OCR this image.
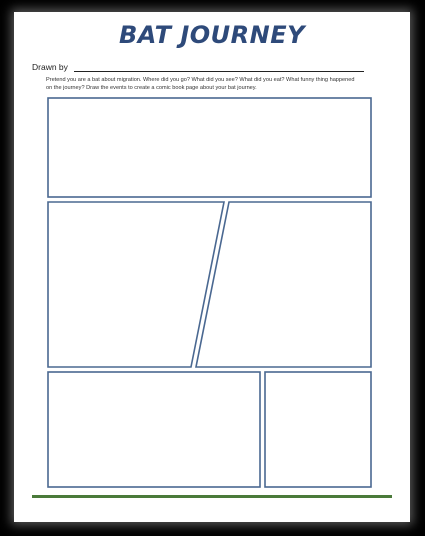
BAT JOURNEY
Drawn by
Pretend you are a bat about migration. Where did you go? What did you see? What did you eat? What funny thing happened on the journey? Draw the events to create a comic book page about your bat journey.
